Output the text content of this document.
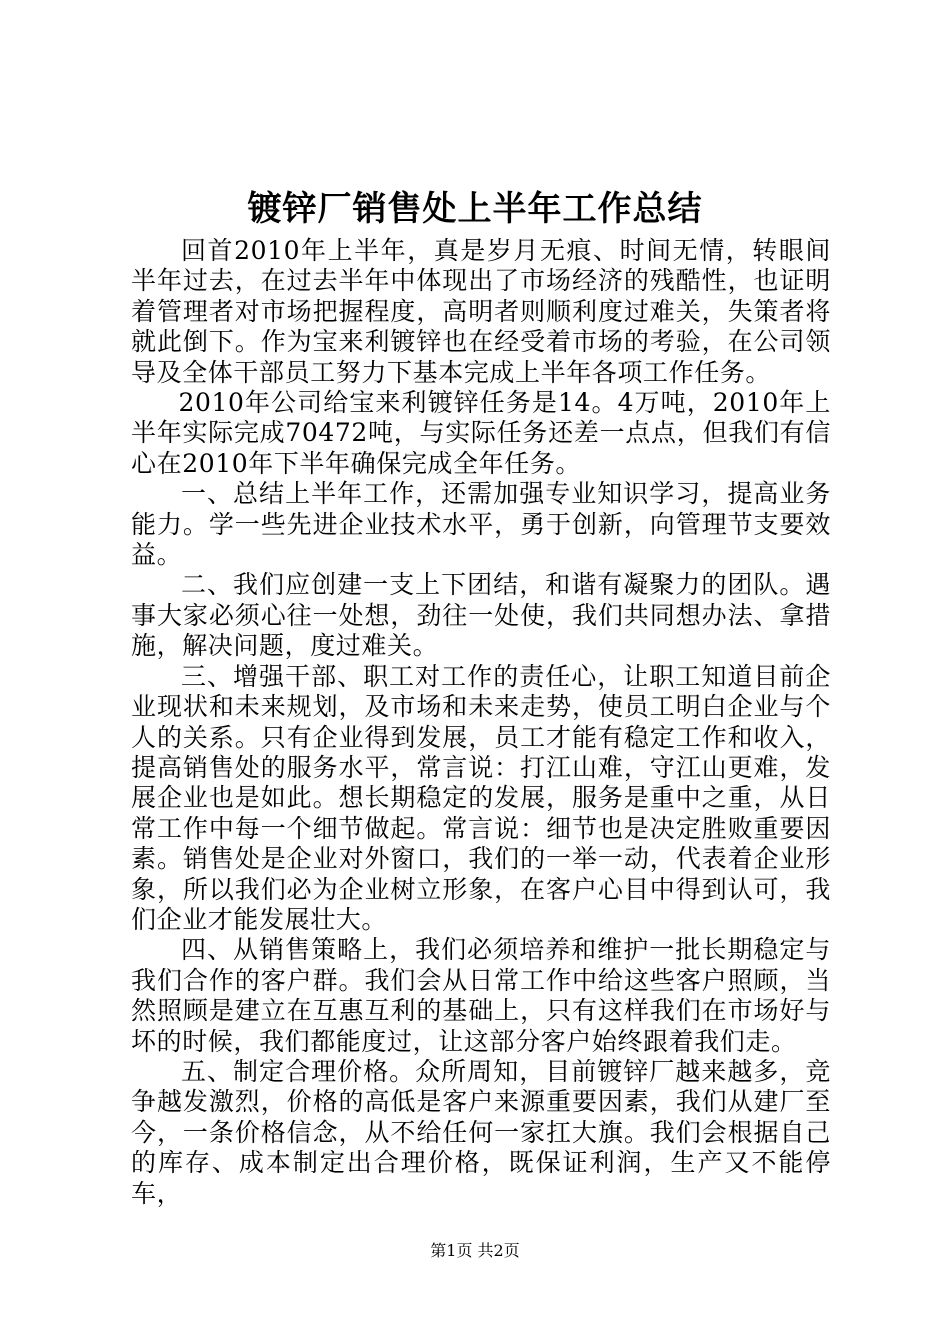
镀锌厂销售处上半年工作总结

回首2010年上半年，真是岁月无痕、时间无情，转眼间半年过去，在过去半年中体现出了市场经济的残酷性，也证明着管理者对市场把握程度，高明者则顺利度过难关，失策者将就此倒下。作为宝来利镀锌也在经受着市场的考验，在公司领导及全体干部员工努力下基本完成上半年各项工作任务。

2010年公司给宝来利镀锌任务是14。4万吨，2010年上半年实际完成70472吨，与实际任务还差一点点，但我们有信心在2010年下半年确保完成全年任务。

一、总结上半年工作，还需加强专业知识学习，提高业务能力。学一些先进企业技术水平，勇于创新，向管理节支要效益。

二、我们应创建一支上下团结，和谐有凝聚力的团队。遇事大家必须心往一处想，劲往一处使，我们共同想办法、拿措施，解决问题，度过难关。

三、增强干部、职工对工作的责任心，让职工知道目前企业现状和未来规划，及市场和未来走势，使员工明白企业与个人的关系。只有企业得到发展，员工才能有稳定工作和收入，提高销售处的服务水平，常言说：打江山难，守江山更难，发展企业也是如此。想长期稳定的发展，服务是重中之重，从日常工作中每一个细节做起。常言说：细节也是决定胜败重要因素。销售处是企业对外窗口，我们的一举一动，代表着企业形象，所以我们必为企业树立形象，在客户心目中得到认可，我们企业才能发展壮大。

四、从销售策略上，我们必须培养和维护一批长期稳定与我们合作的客户群。我们会从日常工作中给这些客户照顾，当然照顾是建立在互惠互利的基础上，只有这样我们在市场好与坏的时候，我们都能度过，让这部分客户始终跟着我们走。

五、制定合理价格。众所周知，目前镀锌厂越来越多，竞争越发激烈，价格的高低是客户来源重要因素，我们从建厂至今，一条价格信念，从不给任何一家扛大旗。我们会根据自己的库存、成本制定出合理价格，既保证利润，生产又不能停车，

第1页 共2页
